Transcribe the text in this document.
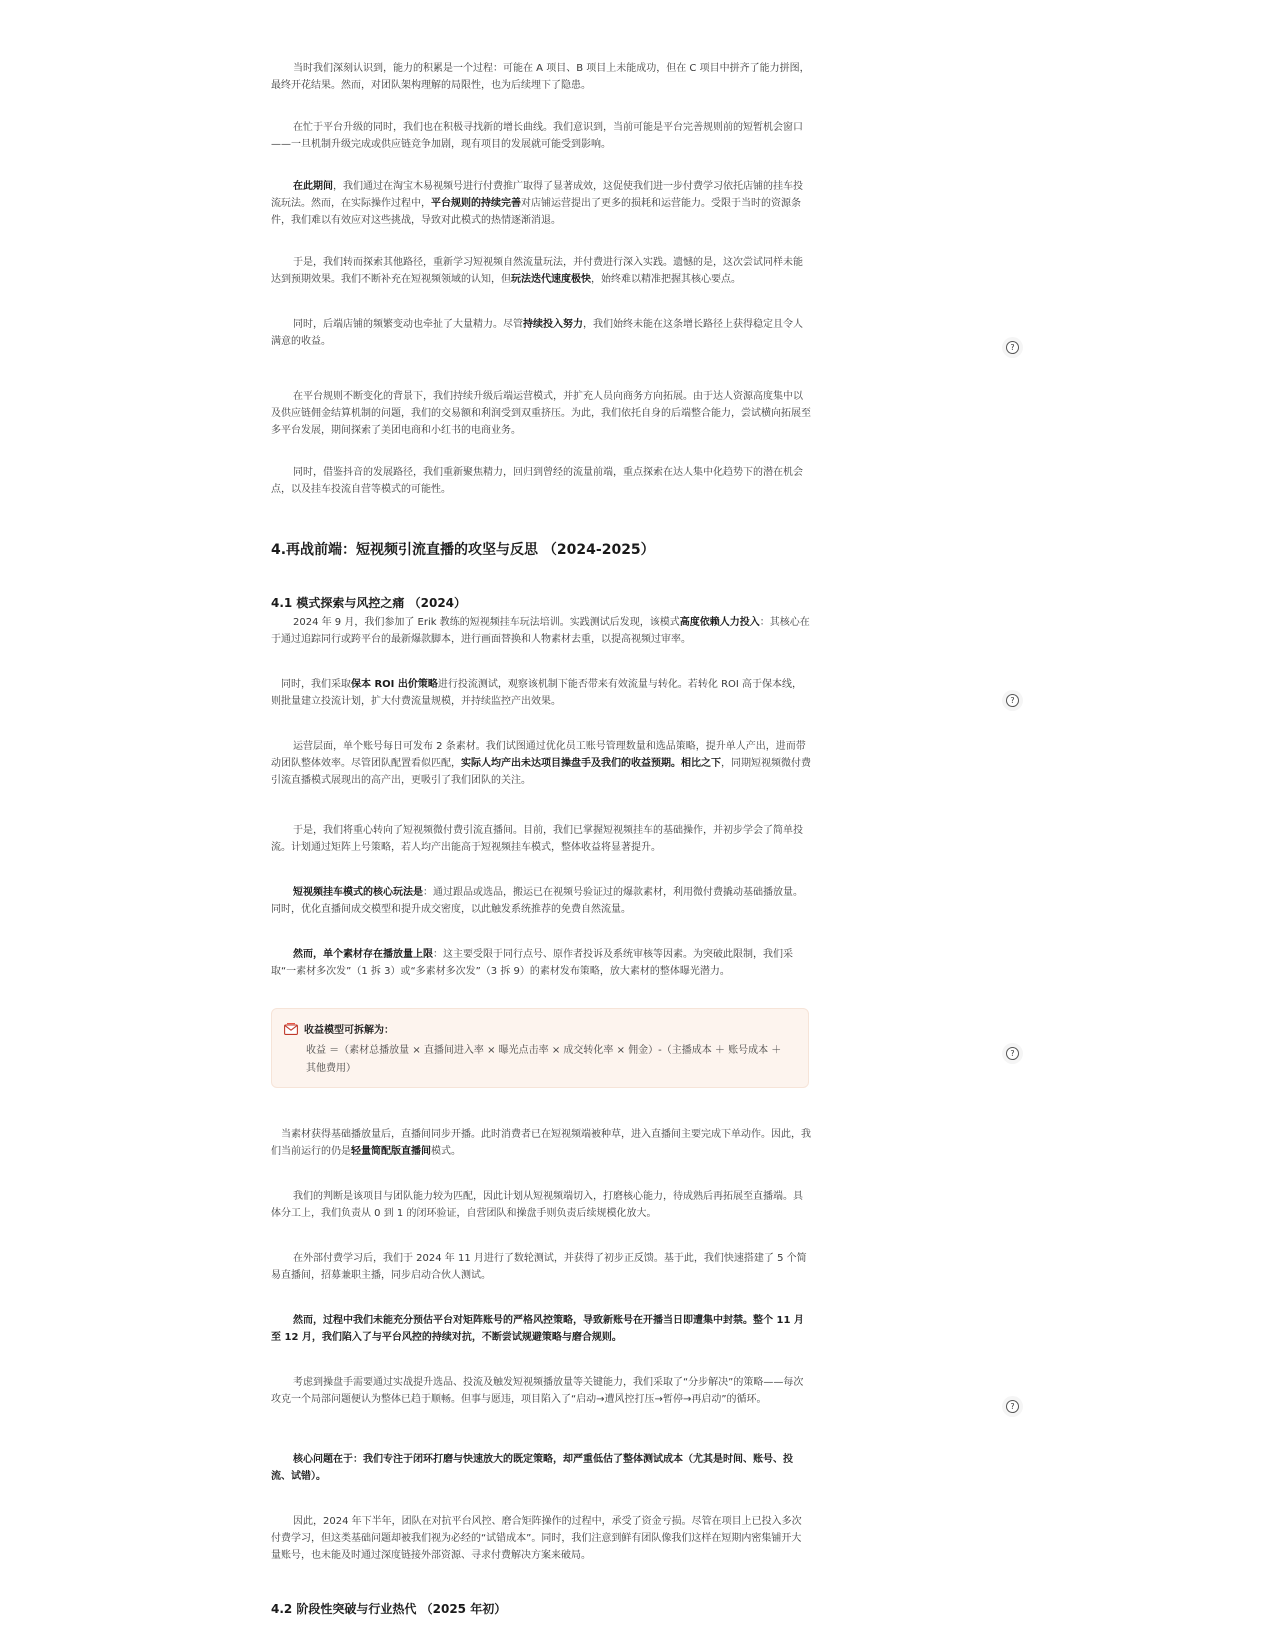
当时我们深刻认识到，能力的积累是一个过程：可能在 A 项目、B 项目上未能成功，但在 C 项目中拼齐了能力拼图，最终开花结果。然而，对团队架构理解的局限性，也为后续埋下了隐患。
在忙于平台升级的同时，我们也在积极寻找新的增长曲线。我们意识到，当前可能是平台完善规则前的短暂机会窗口——一旦机制升级完成或供应链竞争加剧，现有项目的发展就可能受到影响。
在此期间，我们通过在淘宝木易视频号进行付费推广取得了显著成效，这促使我们进一步付费学习依托店铺的挂车投流玩法。然而，在实际操作过程中，平台规则的持续完善对店铺运营提出了更多的损耗和运营能力。受限于当时的资源条件，我们难以有效应对这些挑战，导致对此模式的热情逐渐消退。
于是，我们转而探索其他路径，重新学习短视频自然流量玩法，并付费进行深入实践。遗憾的是，这次尝试同样未能达到预期效果。我们不断补充在短视频领域的认知，但玩法迭代速度极快，始终难以精准把握其核心要点。
同时，后端店铺的频繁变动也牵扯了大量精力。尽管持续投入努力，我们始终未能在这条增长路径上获得稳定且令人满意的收益。
在平台规则不断变化的背景下，我们持续升级后端运营模式，并扩充人员向商务方向拓展。由于达人资源高度集中以及供应链佣金结算机制的问题，我们的交易额和利润受到双重挤压。为此，我们依托自身的后端整合能力，尝试横向拓展至多平台发展，期间探索了美团电商和小红书的电商业务。
同时，借鉴抖音的发展路径，我们重新聚焦精力，回归到曾经的流量前端，重点探索在达人集中化趋势下的潜在机会点，以及挂车投流自营等模式的可能性。
4.再战前端：短视频引流直播的攻坚与反思 （2024-2025）
4.1 模式探索与风控之痛 （2024）
2024 年 9 月，我们参加了 Erik 教练的短视频挂车玩法培训。实践测试后发现，该模式高度依赖人力投入：其核心在于通过追踪同行或跨平台的最新爆款脚本，进行画面替换和人物素材去重，以提高视频过审率。
同时，我们采取保本 ROI 出价策略进行投流测试，观察该机制下能否带来有效流量与转化。若转化 ROI 高于保本线，则批量建立投流计划，扩大付费流量规模，并持续监控产出效果。
运营层面，单个账号每日可发布 2 条素材。我们试图通过优化员工账号管理数量和选品策略，提升单人产出，进而带动团队整体效率。尽管团队配置看似匹配，实际人均产出未达项目操盘手及我们的收益预期。相比之下，同期短视频微付费引流直播模式展现出的高产出，更吸引了我们团队的关注。
于是，我们将重心转向了短视频微付费引流直播间。目前，我们已掌握短视频挂车的基础操作，并初步学会了简单投流。计划通过矩阵上号策略，若人均产出能高于短视频挂车模式，整体收益将显著提升。
短视频挂车模式的核心玩法是：通过跟品或选品，搬运已在视频号验证过的爆款素材，利用微付费撬动基础播放量。同时，优化直播间成交模型和提升成交密度，以此触发系统推荐的免费自然流量。
然而，单个素材存在播放量上限：这主要受限于同行点号、原作者投诉及系统审核等因素。为突破此限制，我们采取“一素材多次发”（1 拆 3）或“多素材多次发”（3 拆 9）的素材发布策略，放大素材的整体曝光潜力。
收益模型可拆解为：
收益 ＝（素材总播放量 × 直播间进入率 × 曝光点击率 × 成交转化率 × 佣金）-（主播成本 ＋ 账号成本 ＋ 其他费用）
当素材获得基础播放量后，直播间同步开播。此时消费者已在短视频端被种草，进入直播间主要完成下单动作。因此，我们当前运行的仍是轻量简配版直播间模式。
我们的判断是该项目与团队能力较为匹配，因此计划从短视频端切入，打磨核心能力，待成熟后再拓展至直播端。具体分工上，我们负责从 0 到 1 的闭环验证，自营团队和操盘手则负责后续规模化放大。
在外部付费学习后，我们于 2024 年 11 月进行了数轮测试，并获得了初步正反馈。基于此，我们快速搭建了 5 个简易直播间，招募兼职主播，同步启动合伙人测试。
然而，过程中我们未能充分预估平台对矩阵账号的严格风控策略，导致新账号在开播当日即遭集中封禁。整个 11 月至 12 月，我们陷入了与平台风控的持续对抗，不断尝试规避策略与磨合规则。
考虑到操盘手需要通过实战提升选品、投流及触发短视频播放量等关键能力，我们采取了“分步解决”的策略——每次攻克一个局部问题便认为整体已趋于顺畅。但事与愿违，项目陷入了“启动→遭风控打压→暂停→再启动”的循环。
核心问题在于：我们专注于闭环打磨与快速放大的既定策略，却严重低估了整体测试成本（尤其是时间、账号、投流、试错）。
因此，2024 年下半年，团队在对抗平台风控、磨合矩阵操作的过程中，承受了资金亏损。尽管在项目上已投入多次付费学习，但这类基础问题却被我们视为必经的“试错成本”。同时，我们注意到鲜有团队像我们这样在短期内密集铺开大量账号，也未能及时通过深度链接外部资源、寻求付费解决方案来破局。
4.2 阶段性突破与行业热代 （2025 年初）
?
?
?
?
